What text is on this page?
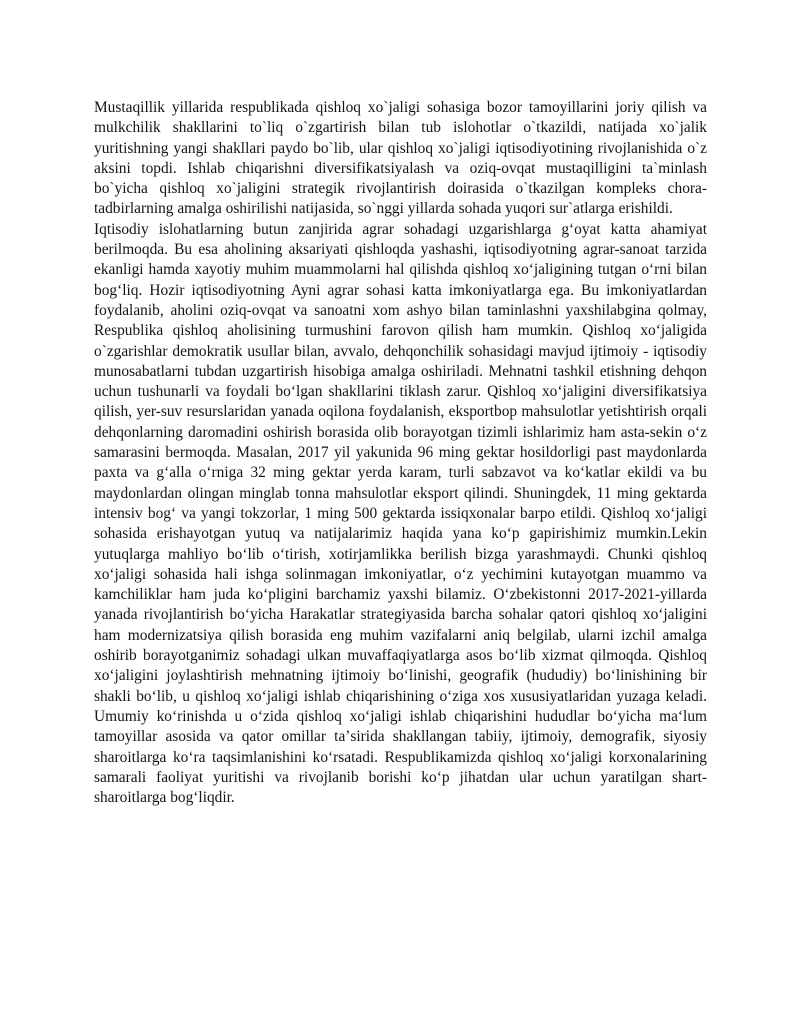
Mustaqillik yillarida respublikada qishloq xo`jaligi sohasiga bozor tamoyillarini joriy qilish va mulkchilik shakllarini to`liq o`zgartirish bilan tub islohotlar o`tkazildi, natijada xo`jalik yuritishning yangi shakllari paydo bo`lib, ular qishloq xo`jaligi iqtisodiyotining rivojlanishida o`z aksini topdi. Ishlab chiqarishni diversifikatsiyalash va oziq-ovqat mustaqilligini ta`minlash bo`yicha qishloq xo`jaligini strategik rivojlantirish doirasida o`tkazilgan kompleks chora-tadbirlarning amalga oshirilishi natijasida, so`nggi yillarda sohada yuqori sur`atlarga erishildi.

Iqtisodiy islohatlarning butun zanjirida agrar sohadagi uzgarishlarga gʻoyat katta ahamiyat berilmoqda. Bu esa aholining aksariyati qishloqda yashashi, iqtisodiyotning agrar-sanoat tarzida ekanligi hamda xayotiy muhim muammolarni hal qilishda qishloq xoʻjaligining tutgan oʻrni bilan bogʻliq. Hozir iqtisodiyotning Ayni agrar sohasi katta imkoniyatlarga ega. Bu imkoniyatlardan foydalanib, aholini oziq-ovqat va sanoatni xom ashyo bilan taminlashni yaxshilabgina qolmay, Respublika qishloq aholisining turmushini farovon qilish ham mumkin. Qishloq xoʻjaligida o`zgarishlar demokratik usullar bilan, avvalo, dehqonchilik sohasidagi mavjud ijtimoiy - iqtisodiy munosabatlarni tubdan uzgartirish hisobiga amalga oshiriladi. Mehnatni tashkil etishning dehqon uchun tushunarli va foydali boʻlgan shakllarini tiklash zarur. Qishloq xoʻjaligini diversifikatsiya qilish, yer-suv resurslaridan yanada oqilona foydalanish, eksportbop mahsulotlar yetishtirish orqali dehqonlarning daromadini oshirish borasida olib borayotgan tizimli ishlarimiz ham asta-sekin oʻz samarasini bermoqda. Masalan, 2017 yil yakunida 96 ming gektar hosildorligi past maydonlarda paxta va gʻalla oʻrniga 32 ming gektar yerda karam, turli sabzavot va koʻkatlar ekildi va bu maydonlardan olingan minglab tonna mahsulotlar eksport qilindi. Shuningdek, 11 ming gektarda intensiv bogʻ va yangi tokzorlar, 1 ming 500 gektarda issiqxonalar barpo etildi. Qishloq xoʻjaligi sohasida erishayotgan yutuq va natijalarimiz haqida yana koʻp gapirishimiz mumkin.Lekin yutuqlarga mahliyo boʻlib oʻtirish, xotirjamlikka berilish bizga yarashmaydi. Chunki qishloq xoʻjaligi sohasida hali ishga solinmagan imkoniyatlar, oʻz yechimini kutayotgan muammo va kamchiliklar ham juda koʻpligini barchamiz yaxshi bilamiz. Oʻzbekistonni 2017-2021-yillarda yanada rivojlantirish boʻyicha Harakatlar strategiyasida barcha sohalar qatori qishloq xoʻjaligini ham modernizatsiya qilish borasida eng muhim vazifalarni aniq belgilab, ularni izchil amalga oshirib borayotganimiz sohadagi ulkan muvaffaqiyatlarga asos boʻlib xizmat qilmoqda. Qishloq xoʻjaligini joylashtirish mehnatning ijtimoiy boʻlinishi, geografik (hududiy) boʻlinishining bir shakli boʻlib, u qishloq xoʻjaligi ishlab chiqarishining oʻziga xos xususiyatlaridan yuzaga keladi. Umumiy koʻrinishda u oʻzida qishloq xoʻjaligi ishlab chiqarishini hududlar boʻyicha maʻlum tamoyillar asosida va qator omillar taʼsirida shakllangan tabiiy, ijtimoiy, demografik, siyosiy sharoitlarga koʻra taqsimlanishini koʻrsatadi. Respublikamizda qishloq xoʻjaligi korxonalarining samarali faoliyat yuritishi va rivojlanib borishi koʻp jihatdan ular uchun yaratilgan shart-sharoitlarga bogʻliqdir.
